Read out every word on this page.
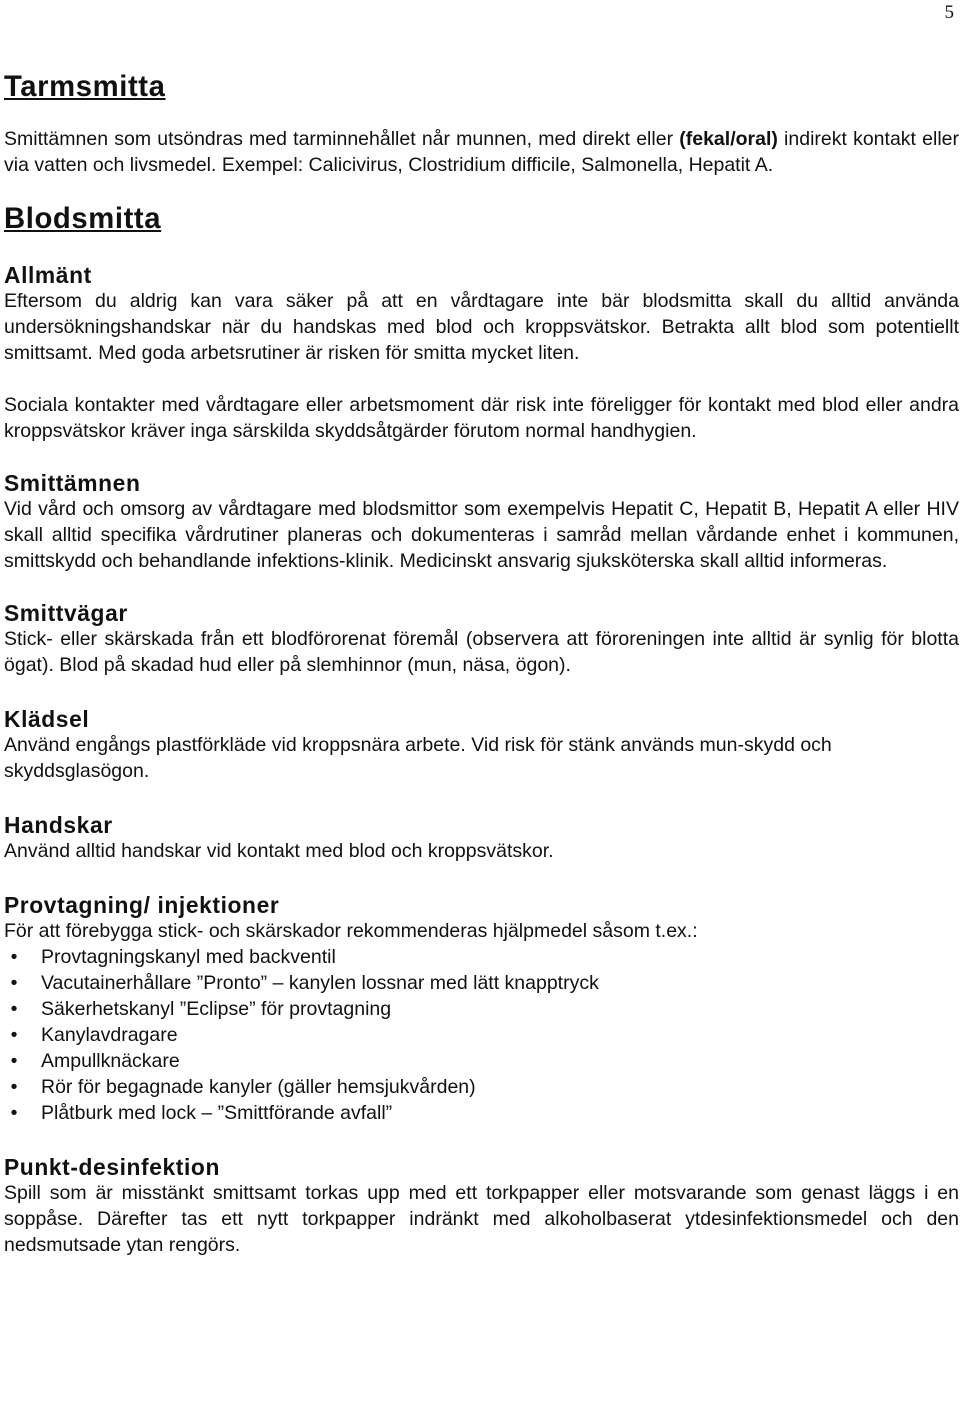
5
Tarmsmitta

Smittämnen som utsöndras med tarminnehållet når munnen, med direkt eller (fekal/oral) indirekt kontakt eller via vatten och livsmedel. Exempel: Calicivirus, Clostridium difficile, Salmonella, Hepatit A.

Blodsmitta
Allmänt

Eftersom du aldrig kan vara säker på att en vårdtagare inte bär blodsmitta skall du alltid använda undersökningshandskar när du handskas med blod och kroppsvätskor. Betrakta allt blod som potentiellt smittsamt. Med goda arbetsrutiner är risken för smitta mycket liten.

Sociala kontakter med vårdtagare eller arbetsmoment där risk inte föreligger för kontakt med blod eller andra kroppsvätskor kräver inga särskilda skyddsåtgärder förutom normal handhygien.

Smittämnen

Vid vård och omsorg av vårdtagare med blodsmittor som exempelvis Hepatit C, Hepatit B, Hepatit A eller HIV skall alltid specifika vårdrutiner planeras och dokumenteras i samråd mellan vårdande enhet i kommunen, smittskydd och behandlande infektions-klinik. Medicinskt ansvarig sjuksköterska skall alltid informeras.

Smittvägar

Stick- eller skärskada från ett blodförorenat föremål (observera att föroreningen inte alltid är synlig för blotta ögat). Blod på skadad hud eller på slemhinnor (mun, näsa, ögon).

Klädsel

Använd engångs plastförkläde vid kroppsnära arbete. Vid risk för stänk används mun-skydd och skyddsglasögon.

Handskar

Använd alltid handskar vid kontakt med blod och kroppsvätskor.

Provtagning/ injektioner

För att förebygga stick- och skärskador rekommenderas hjälpmedel såsom t.ex.:

•	Provtagningskanyl med backventil
•	Vacutainerhållare ”Pronto” – kanylen lossnar med lätt knapptryck
•	Säkerhetskanyl ”Eclipse” för provtagning
•	Kanylavdragare
•	Ampullknäckare
•	Rör för begagnade kanyler (gäller hemsjukvården)
•	Plåtburk med lock – ”Smittförande avfall”
Punkt-desinfektion

Spill som är misstänkt smittsamt torkas upp med ett torkpapper eller motsvarande som genast läggs i en soppåse. Därefter tas ett nytt torkpapper indränkt med alkoholbaserat ytdesinfektionsmedel och den nedsmutsade ytan rengörs.
